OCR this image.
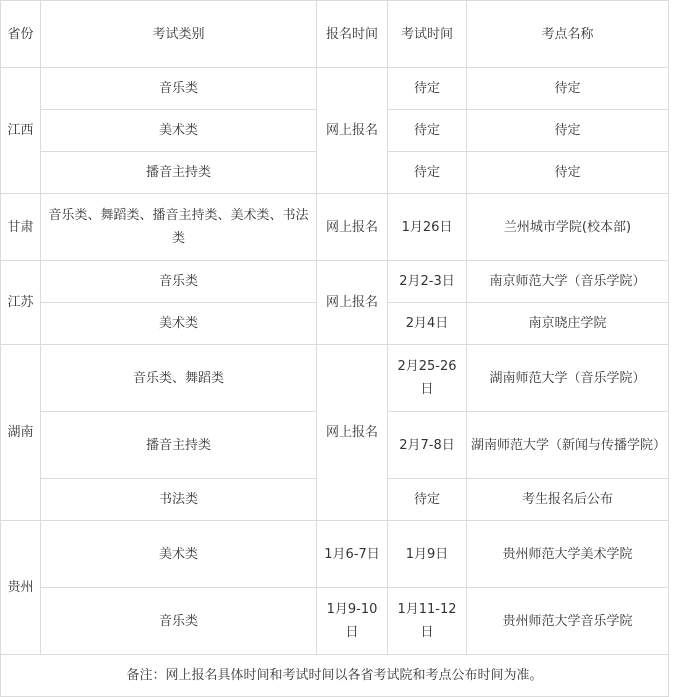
省份	考试类别	报名时间	考试时间	考点名称
江西	音乐类	网上报名	待定	待定
	美术类		待定	待定
	播音主持类		待定	待定
甘肃	音乐类、舞蹈类、播音主持类、美术类、书法类	网上报名	1月26日	兰州城市学院(校本部)
江苏	音乐类	网上报名	2月2-3日	南京师范大学（音乐学院）
	美术类		2月4日	南京晓庄学院
湖南	音乐类、舞蹈类	网上报名	2月25-26日	湖南师范大学（音乐学院）
	播音主持类		2月7-8日	湖南师范大学（新闻与传播学院）
	书法类		待定	考生报名后公布
贵州	美术类	1月6-7日	1月9日	贵州师范大学美术学院
	音乐类	1月9-10日	1月11-12日	贵州师范大学音乐学院
备注：网上报名具体时间和考试时间以各省考试院和考点公布时间为准。				
